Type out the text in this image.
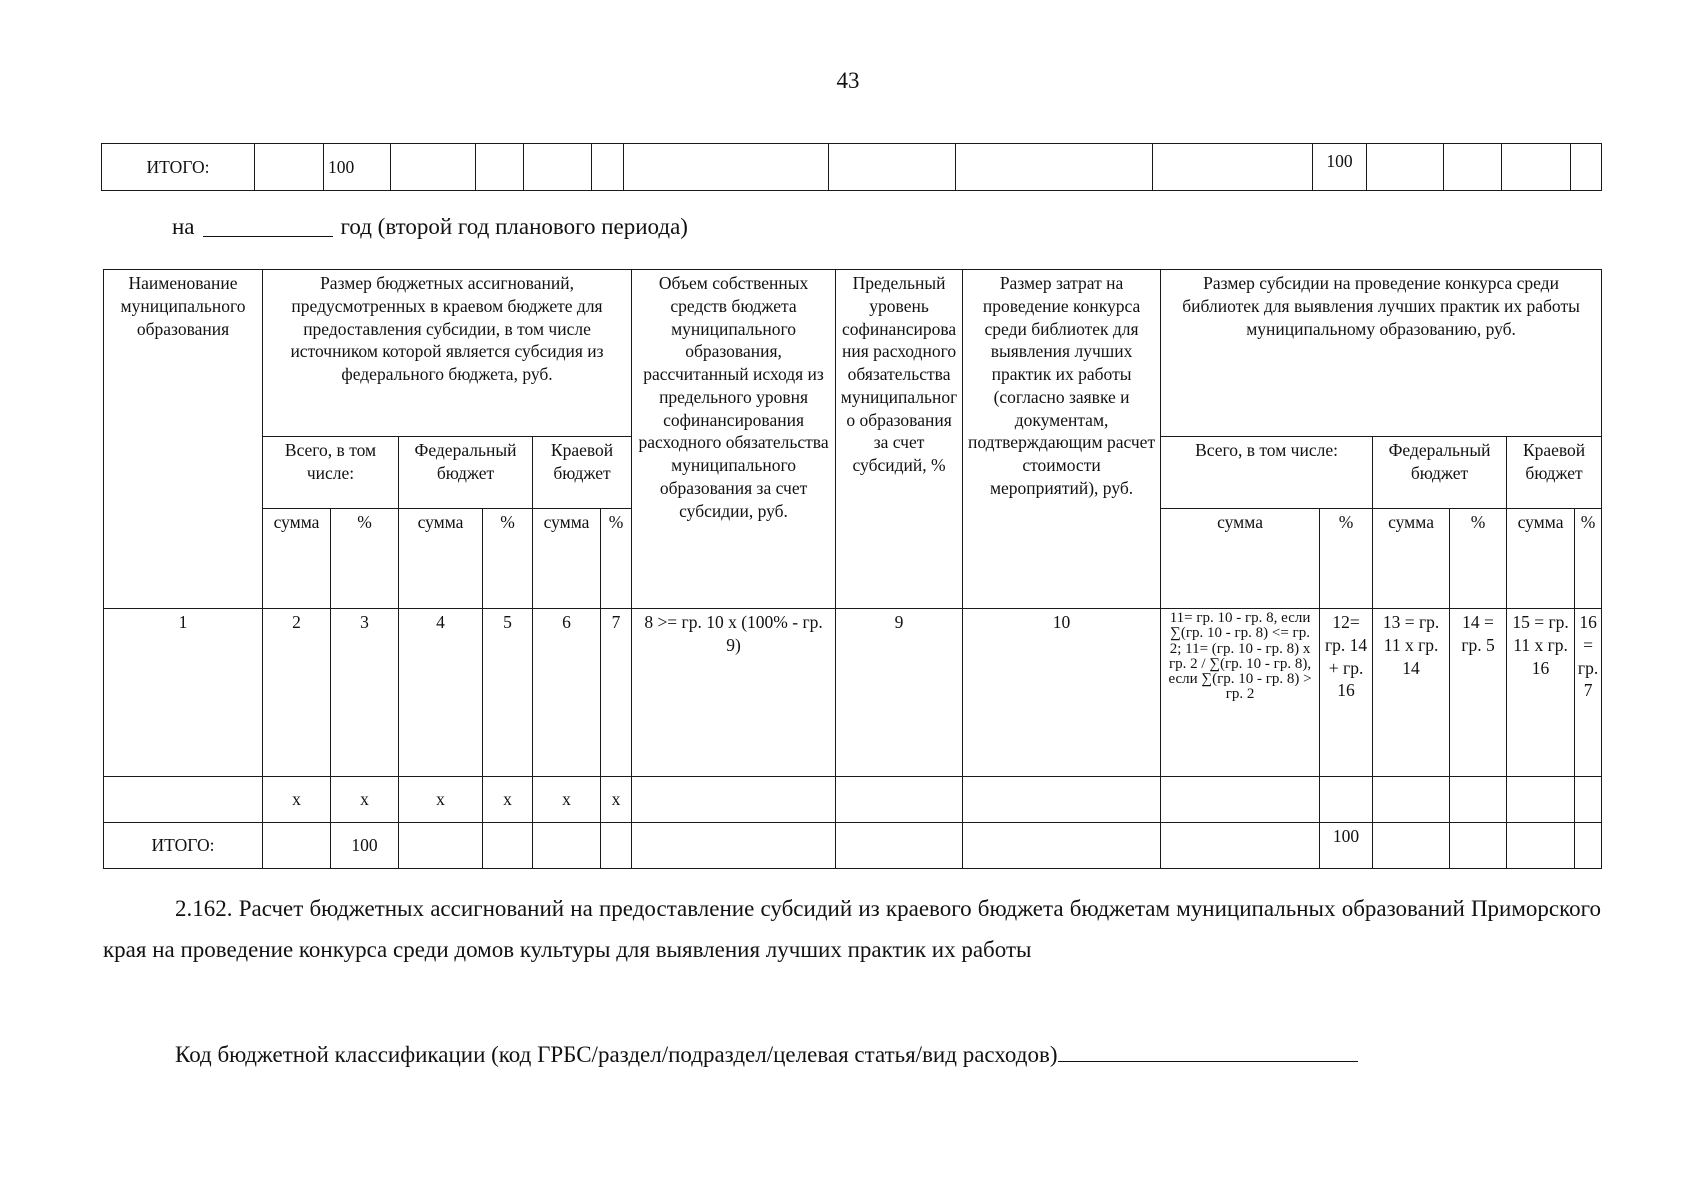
43
ИТОГО:		100									100				
на	год (второй год планового периода)
Наименование муниципального образования	Размер бюджетных ассигнований, предусмотренных в краевом бюджете для предоставления субсидии, в том числе источником которой является субсидия из федерального бюджета, руб.						Объем собственных средств бюджета муниципального образования, рассчитанный исходя из предельного уровня софинансирования расходного обязательства муниципального образования за счет субсидии, руб.	Предельный уровень софинансирования расходного обязательства муниципального образования за счет субсидий, %	Размер затрат на проведение конкурса среди библиотек для выявления лучших практик их работы (согласно заявке и документам, подтверждающим расчет стоимости мероприятий), руб.	Размер субсидии на проведение конкурса среди библиотек для выявления лучших практик их работы муниципальному образованию, руб.					
	Всего, в том числе:		Федеральный бюджет		Краевой бюджет					Всего, в том числе:		Федеральный бюджет		Краевой бюджет	
	сумма	%	сумма	%	сумма	%				сумма	%	сумма	%	сумма	%
1	2	3	4	5	6	7	8 >= гр. 10 х (100% - гр. 9)	9	10	11= гр. 10 - гр. 8, если ∑(гр. 10 - гр. 8) <= гр. 2; 11= (гр. 10 - гр. 8) х гр. 2 / ∑(гр. 10 - гр. 8), если ∑(гр. 10 - гр. 8) > гр. 2	12= гр. 14 + гр. 16	13 = гр. 11 х гр. 14	14 = гр. 5	15 = гр. 11 х гр. 16	16 = гр. 7
	х	х	х	х	х	х									
ИТОГО:		100									100				

2.162. Расчет бюджетных ассигнований на предоставление субсидий из краевого бюджета бюджетам муниципальных образований Приморского края на проведение конкурса среди домов культуры для выявления лучших практик их работы

Код бюджетной классификации (код ГРБС/раздел/подраздел/целевая статья/вид расходов)
